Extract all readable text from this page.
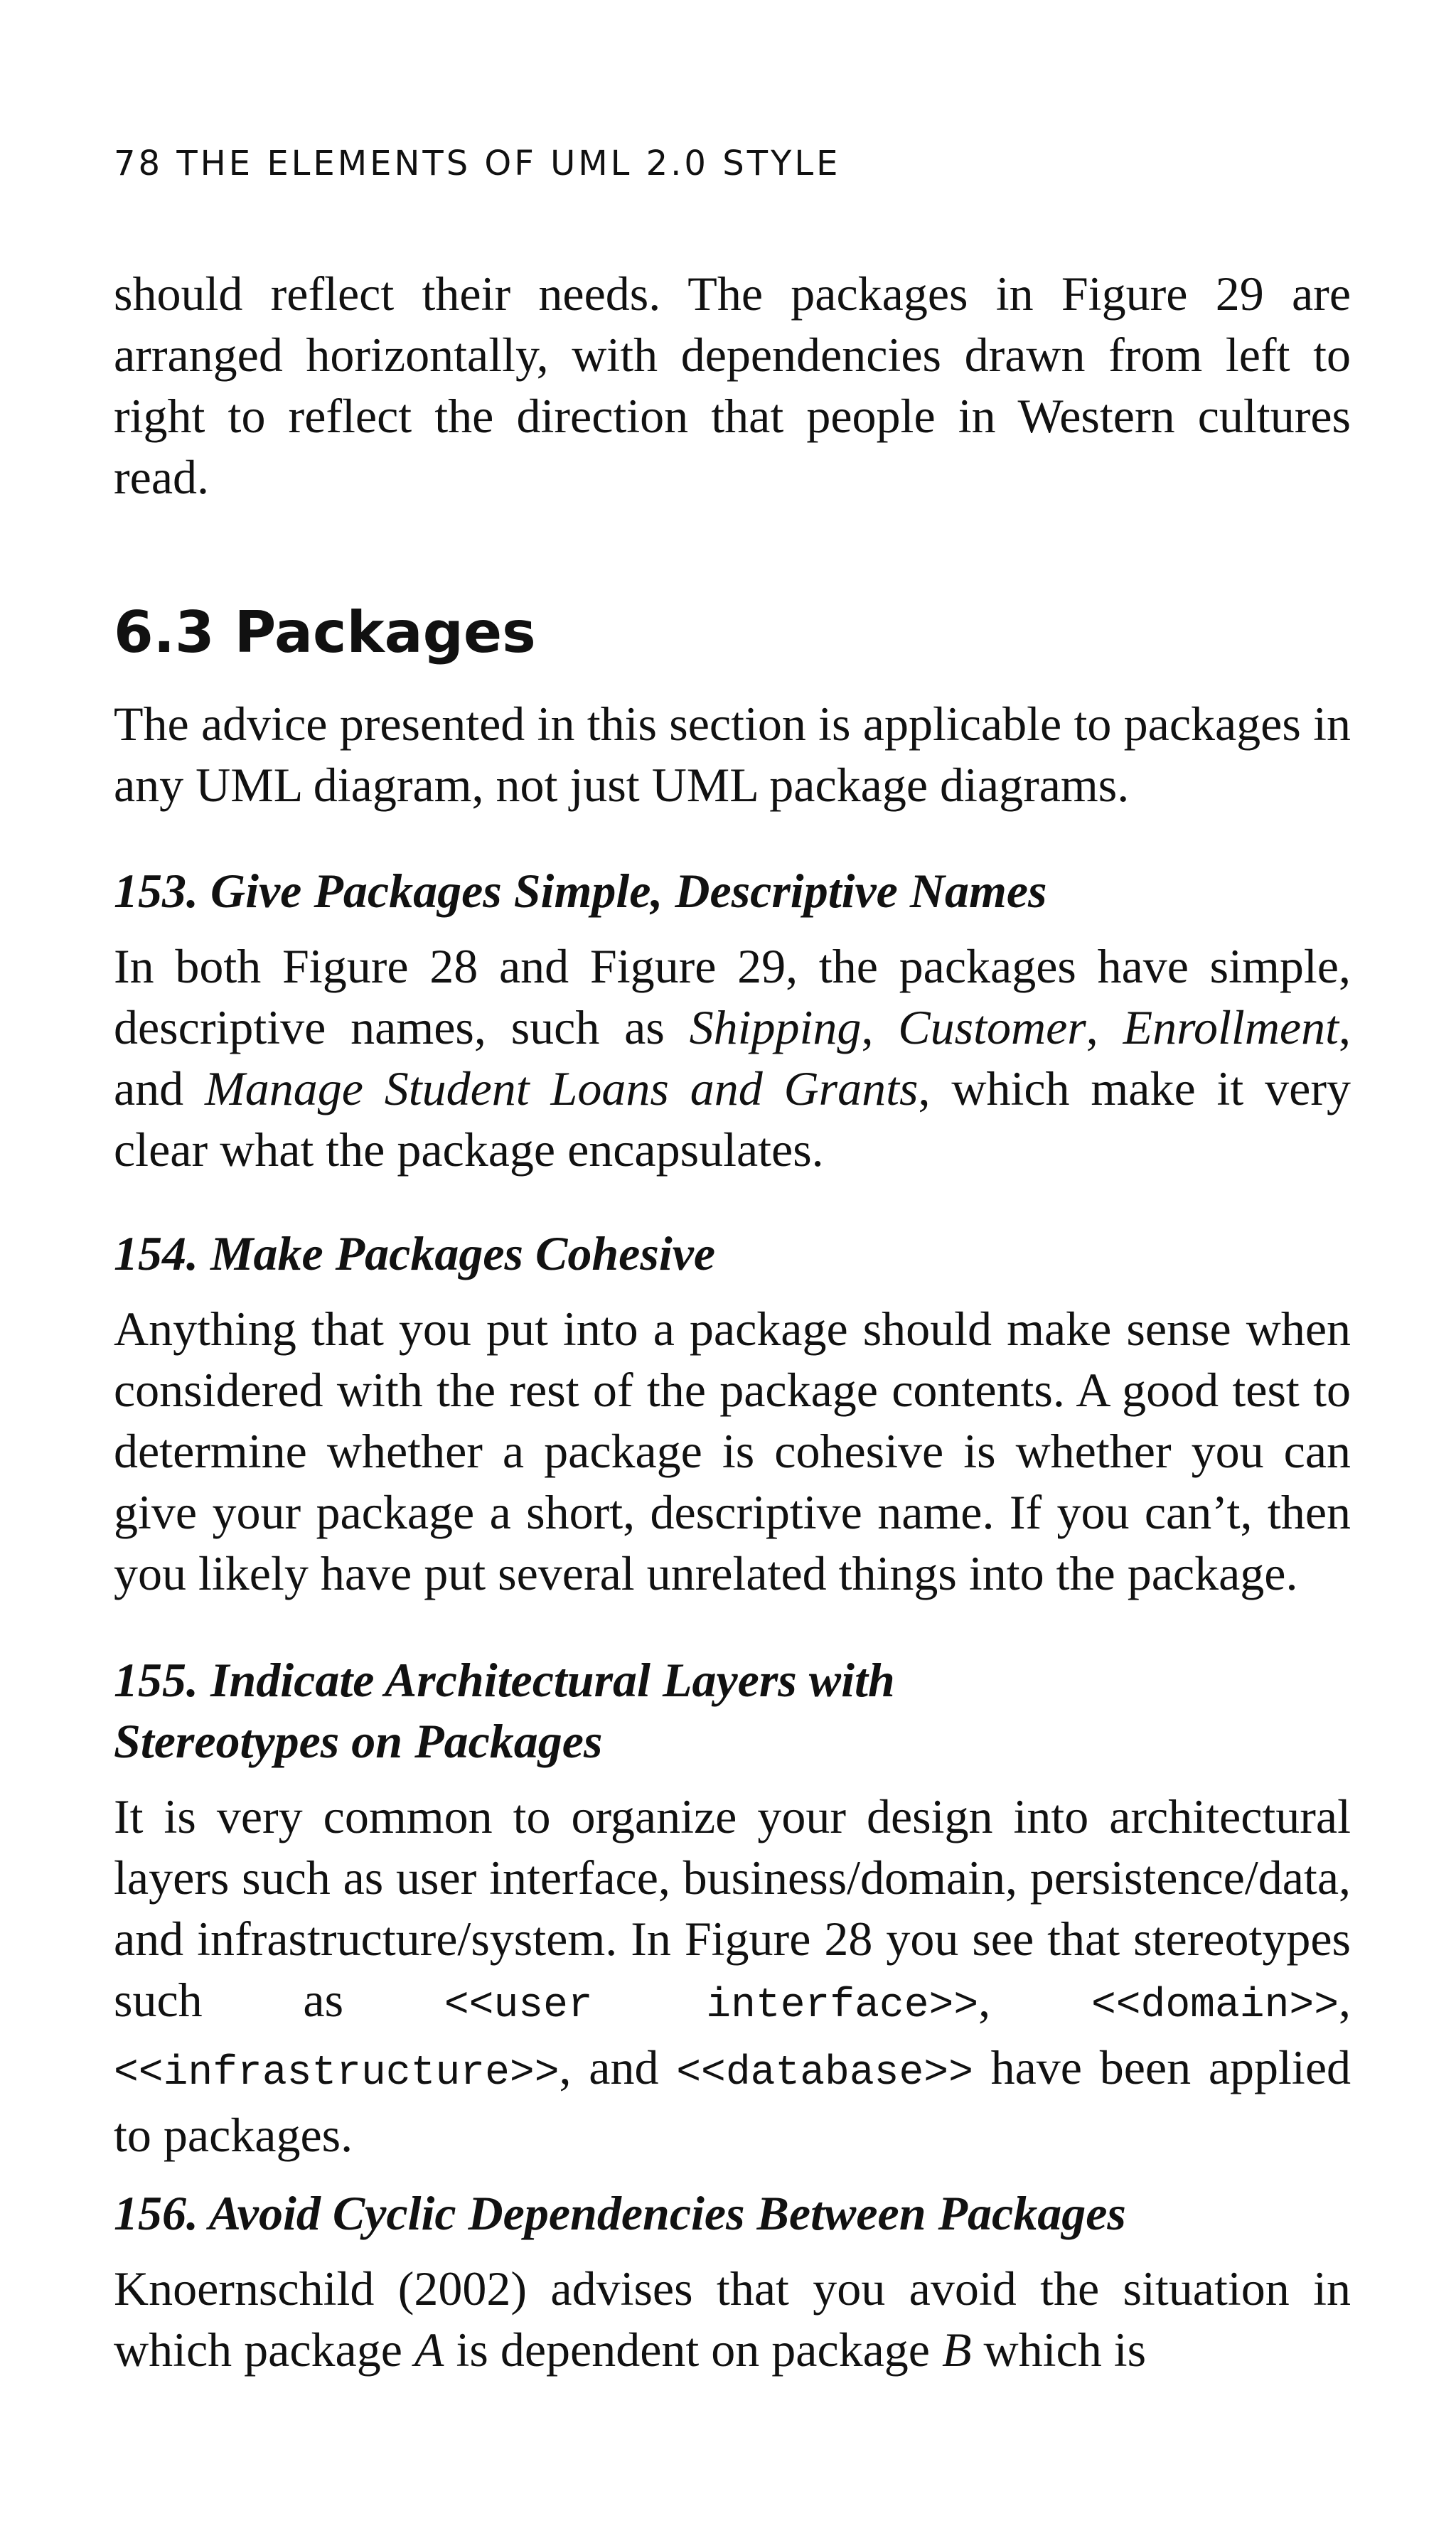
78 THE ELEMENTS OF UML 2.0 STYLE

should reflect their needs. The packages in Figure 29 are arranged horizontally, with dependencies drawn from left to right to reflect the direction that people in Western cultures read.

6.3 Packages

The advice presented in this section is applicable to packages in any UML diagram, not just UML package diagrams.

153. Give Packages Simple, Descriptive Names

In both Figure 28 and Figure 29, the packages have simple, descriptive names, such as Shipping, Customer, Enrollment, and Manage Student Loans and Grants, which make it very clear what the package encapsulates.

154. Make Packages Cohesive

Anything that you put into a package should make sense when considered with the rest of the package contents. A good test to determine whether a package is cohesive is whether you can give your package a short, descriptive name. If you can’t, then you likely have put several unrelated things into the package.

155. Indicate Architectural Layers with
Stereotypes on Packages

It is very common to organize your design into architectural layers such as user interface, business/domain, persistence/data, and infrastructure/system. In Figure 28 you see that stereotypes such as <<user interface>>, <<domain>>, <<infrastructure>>, and <<database>> have been applied to packages.

156. Avoid Cyclic Dependencies Between Packages

Knoernschild (2002) advises that you avoid the situation in which package A is dependent on package B which is
